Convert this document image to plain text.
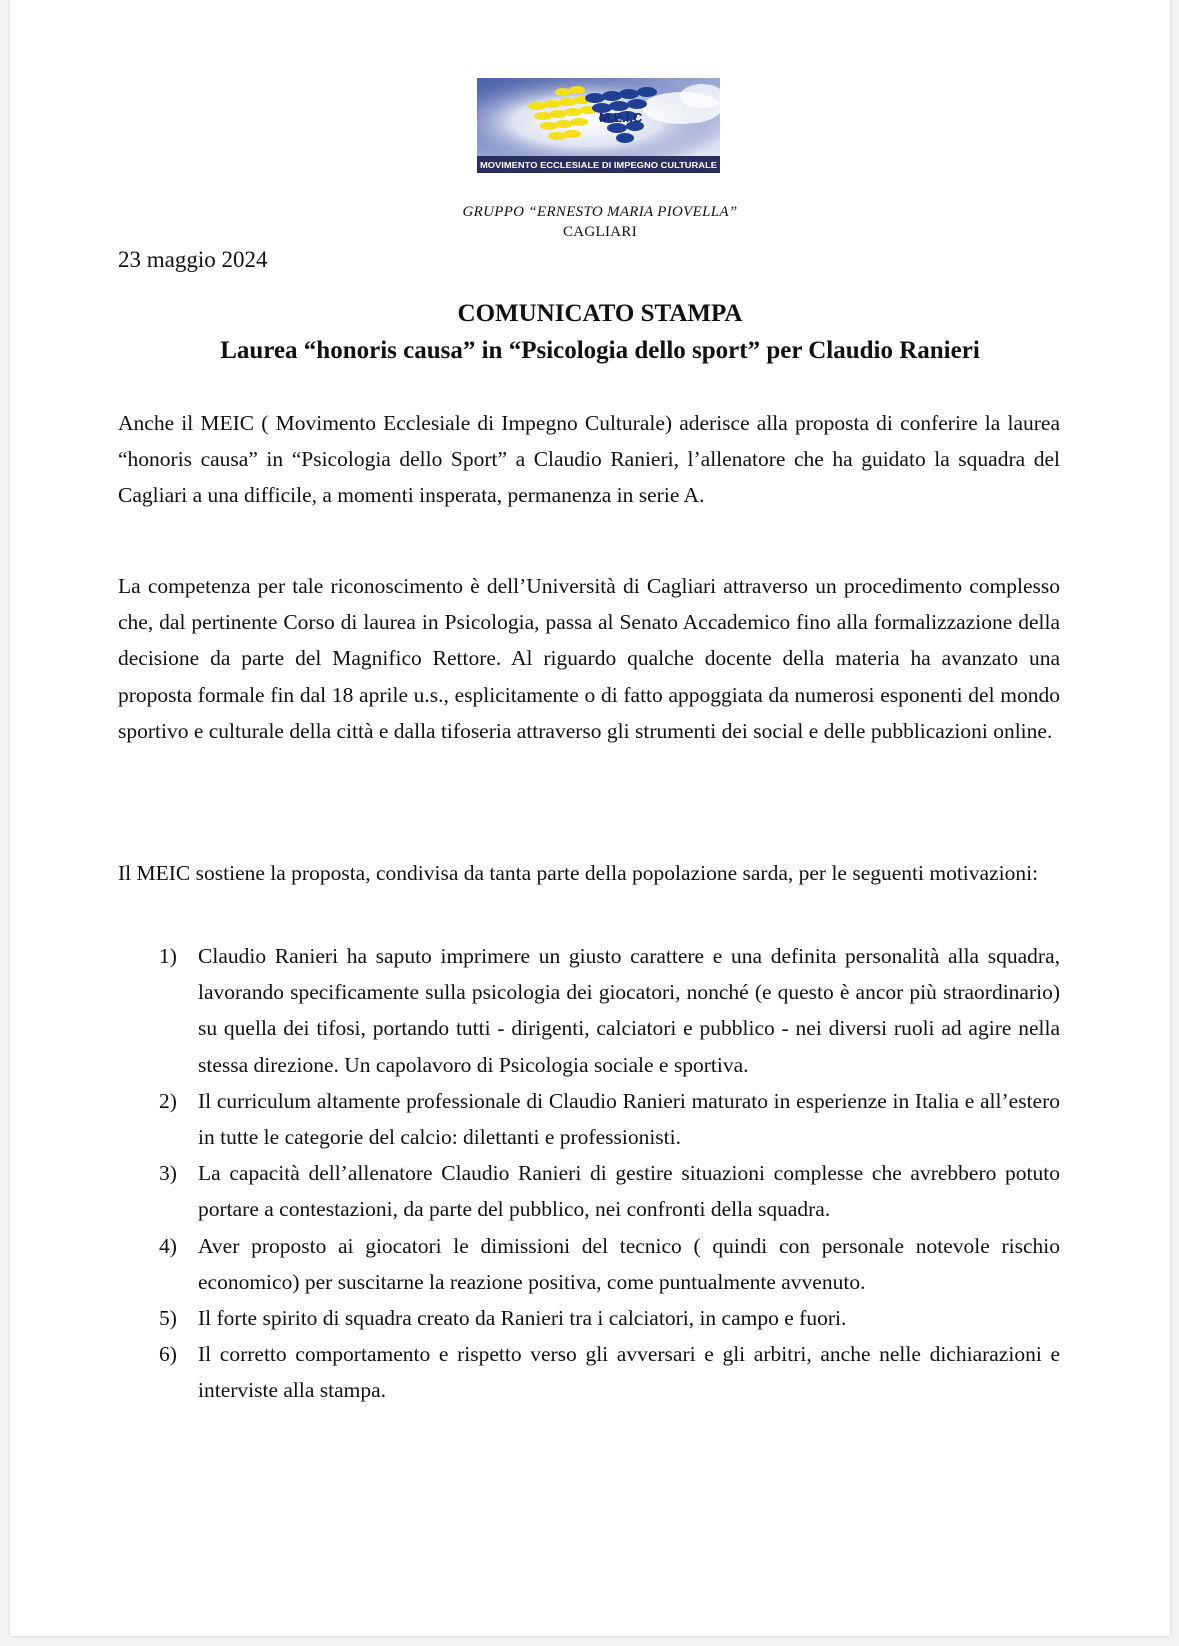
M.E.I.C
MOVIMENTO ECCLESIALE DI IMPEGNO CULTURALE
GRUPPO “ERNESTO MARIA PIOVELLA”
CAGLIARI
23 maggio 2024
COMUNICATO STAMPA
Laurea “honoris causa” in “Psicologia dello sport” per Claudio Ranieri
Anche il MEIC ( Movimento Ecclesiale di Impegno Culturale) aderisce alla proposta di conferire la laurea “honoris causa” in “Psicologia dello Sport” a Claudio Ranieri, l’allenatore che ha guidato la squadra del Cagliari a una difficile, a momenti insperata, permanenza in serie A.
La competenza per tale riconoscimento è dell’Università di Cagliari attraverso un procedimento complesso che, dal pertinente Corso di laurea in Psicologia, passa al Senato Accademico fino alla formalizzazione della decisione da parte del Magnifico Rettore. Al riguardo qualche docente della materia ha avanzato una proposta formale fin dal 18 aprile u.s., esplicitamente o di fatto appoggiata da numerosi esponenti del mondo sportivo e culturale della città e dalla tifoseria attraverso gli strumenti dei social e delle pubblicazioni online.
Il MEIC sostiene la proposta, condivisa da tanta parte della popolazione sarda, per le seguenti motivazioni:
1) Claudio Ranieri ha saputo imprimere un giusto carattere e una definita personalità alla squadra, lavorando specificamente sulla psicologia dei giocatori, nonché (e questo è ancor più straordinario) su quella dei tifosi, portando tutti - dirigenti, calciatori e pubblico - nei diversi ruoli ad agire nella stessa direzione. Un capolavoro di Psicologia sociale e sportiva.
2) Il curriculum altamente professionale di Claudio Ranieri maturato in esperienze in Italia e all’estero in tutte le categorie del calcio: dilettanti e professionisti.
3) La capacità dell’allenatore Claudio Ranieri di gestire situazioni complesse che avrebbero potuto portare a contestazioni, da parte del pubblico, nei confronti della squadra.
4) Aver proposto ai giocatori le dimissioni del tecnico ( quindi con personale notevole rischio economico) per suscitarne la reazione positiva, come puntualmente avvenuto.
5) Il forte spirito di squadra creato da Ranieri tra i calciatori, in campo e fuori.
6) Il corretto comportamento e rispetto verso gli avversari e gli arbitri, anche nelle dichiarazioni e interviste alla stampa.
